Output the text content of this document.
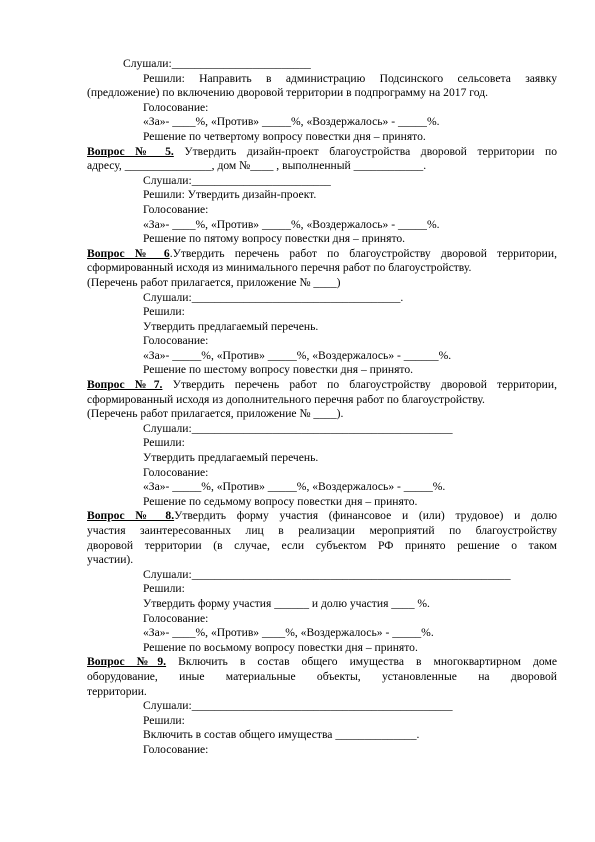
Слушали:________________________
Решили: Направить в администрацию Подсинского сельсовета заявку
(предложение) по включению дворовой территории в подпрограмму на 2017 год.
Голосование:
«За»- ____%, «Против» _____%, «Воздержалось» - _____%.
Решение по четвертому вопросу повестки дня – принято.
Вопрос № 5. Утвердить дизайн-проект благоустройства дворовой территории по
адресу, _______________, дом №____ , выполненный ____________.
Слушали:________________________
Решили: Утвердить дизайн-проект.
Голосование:
«За»- ____%, «Против» _____%, «Воздержалось» - _____%.
Решение по пятому вопросу повестки дня – принято.
Вопрос № 6.Утвердить перечень работ по благоустройству дворовой территории,
сформированный исходя из минимального перечня работ по благоустройству.
(Перечень работ прилагается, приложение № ____)
Слушали:____________________________________.
Решили:
Утвердить предлагаемый перечень.
Голосование:
«За»- _____%, «Против» _____%, «Воздержалось» - ______%.
Решение по шестому вопросу повестки дня – принято.
Вопрос №7. Утвердить перечень работ по благоустройству дворовой территории,
сформированный исходя из дополнительного перечня работ по благоустройству.
(Перечень работ прилагается, приложение № ____).
Слушали:_____________________________________________
Решили:
Утвердить предлагаемый перечень.
Голосование:
«За»- _____%, «Против» _____%, «Воздержалось» - _____%.
Решение по седьмому вопросу повестки дня – принято.
Вопрос № 8.Утвердить форму участия (финансовое и (или) трудовое) и долю
участия заинтересованных лиц в реализации мероприятий по благоустройству
дворовой территории (в случае, если субъектом РФ принято решение о таком
участии).
Слушали:_______________________________________________________
Решили:
Утвердить форму участия ______ и долю участия ____ %.
Голосование:
«За»- ____%, «Против» ____%, «Воздержалось» - _____%.
Решение по восьмому вопросу повестки дня – принято.
Вопрос №9. Включить в состав общего имущества в многоквартирном доме
оборудование, иные материальные объекты, установленные на дворовой
территории.
Слушали:_____________________________________________
Решили:
Включить в состав общего имущества ______________.
Голосование:
